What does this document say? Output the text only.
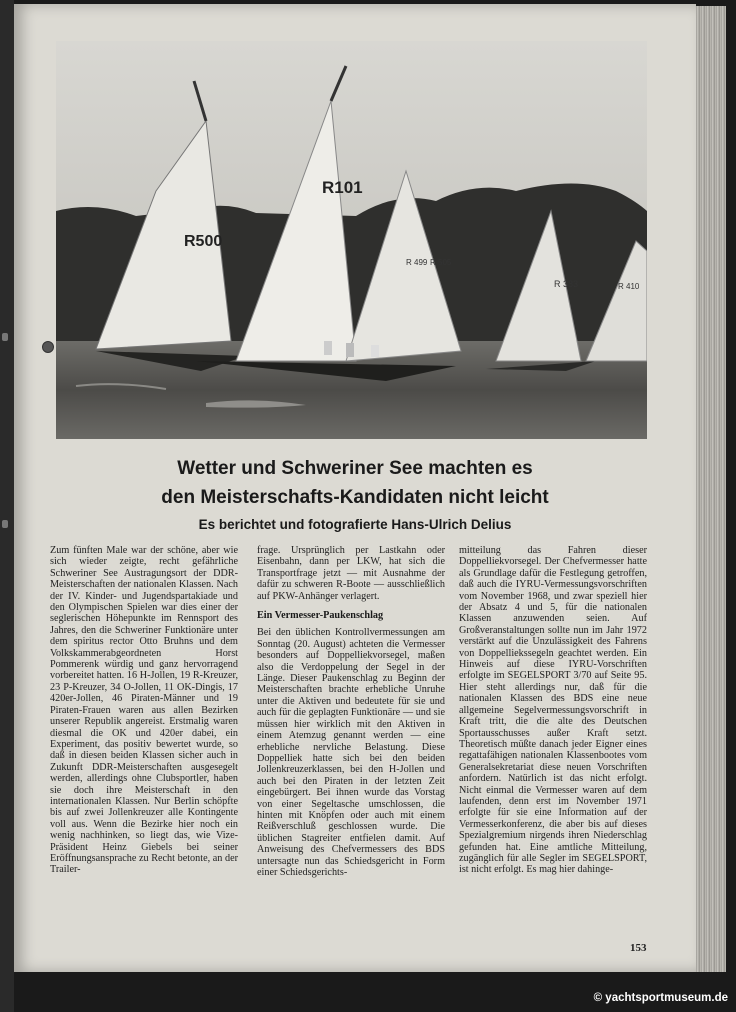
R500
R101
R 499 R 505
R 383	R 410
Wetter und Schweriner See machten es
den Meisterschafts-Kandidaten nicht leicht
Es berichtet und fotografierte Hans-Ulrich Delius

Zum fünften Male war der schöne, aber wie sich wieder zeigte, recht gefährliche Schweriner See Austragungsort der DDR-Meisterschaften der nationalen Klassen. Nach der IV. Kinder- und Jugendspartakiade und den Olympischen Spielen war dies einer der seglerischen Höhepunkte im Rennsport des Jahres, den die Schweriner Funktionäre unter dem spiritus rector Otto Bruhns und dem Volkskammerabgeordneten Horst Pommerenk würdig und ganz hervorragend vorbereitet hatten. 16 H-Jollen, 19 R-Kreuzer, 23 P-Kreuzer, 34 O-Jollen, 11 OK-Dingis, 17 420er-Jollen, 46 Piraten-Männer und 19 Piraten-Frauen waren aus allen Bezirken unserer Republik angereist. Erstmalig waren diesmal die OK und 420er dabei, ein Experiment, das positiv bewertet wurde, so daß in diesen beiden Klassen sicher auch in Zukunft DDR-Meisterschaften ausgesegelt werden, allerdings ohne Clubsportler, haben sie doch ihre Meisterschaft in den internationalen Klassen. Nur Berlin schöpfte bis auf zwei Jollenkreuzer alle Kontingente voll aus. Wenn die Bezirke hier noch ein wenig nachhinken, so liegt das, wie Vize-Präsident Heinz Giebels bei seiner Eröffnungsansprache zu Recht betonte, an der Trailer-

frage. Ursprünglich per Lastkahn oder Eisenbahn, dann per LKW, hat sich die Transportfrage jetzt — mit Ausnahme der dafür zu schweren R-Boote — ausschließlich auf PKW-Anhänger verlagert.

Ein Vermesser-Paukenschlag

Bei den üblichen Kontrollvermessungen am Sonntag (20. August) achteten die Vermesser besonders auf Doppelliekvorsegel, maßen also die Verdoppelung der Segel in der Länge. Dieser Paukenschlag zu Beginn der Meisterschaften brachte erhebliche Unruhe unter die Aktiven und bedeutete für sie und auch für die geplagten Funktionäre — und sie müssen hier wirklich mit den Aktiven in einem Atemzug genannt werden — eine erhebliche nervliche Belastung. Diese Doppelliek hatte sich bei den beiden Jollenkreuzerklassen, bei den H-Jollen und auch bei den Piraten in der letzten Zeit eingebürgert. Bei ihnen wurde das Vorstag von einer Segeltasche umschlossen, die hinten mit Knöpfen oder auch mit einem Reißverschluß geschlossen wurde. Die üblichen Stagreiter entfielen damit. Auf Anweisung des Chefvermessers des BDS untersagte nun das Schiedsgericht in Form einer Schiedsgerichts-

mitteilung das Fahren dieser Doppelliekvorsegel. Der Chefvermesser hatte als Grundlage dafür die Festlegung getroffen, daß auch die IYRU-Vermessungsvorschriften vom November 1968, und zwar speziell hier der Absatz 4 und 5, für die nationalen Klassen anzuwenden seien. Auf Großveranstaltungen sollte nun im Jahr 1972 verstärkt auf die Unzulässigkeit des Fahrens von Doppelliekssegeln geachtet werden. Ein Hinweis auf diese IYRU-Vorschriften erfolgte im SEGELSPORT 3/70 auf Seite 95. Hier steht allerdings nur, daß für die nationalen Klassen des BDS eine neue allgemeine Segelvermessungsvorschrift in Kraft tritt, die die alte des Deutschen Sportausschusses außer Kraft setzt. Theoretisch müßte danach jeder Eigner eines regattafähigen nationalen Klassenbootes vom Generalsekretariat diese neuen Vorschriften anfordern. Natürlich ist das nicht erfolgt. Nicht einmal die Vermesser waren auf dem laufenden, denn erst im November 1971 erfolgte für sie eine Information auf der Vermesserkonferenz, die aber bis auf dieses Spezialgremium nirgends ihren Niederschlag gefunden hat. Eine amtliche Mitteilung, zugänglich für alle Segler im SEGELSPORT, ist nicht erfolgt. Es mag hier dahinge-

153
© yachtsportmuseum.de
